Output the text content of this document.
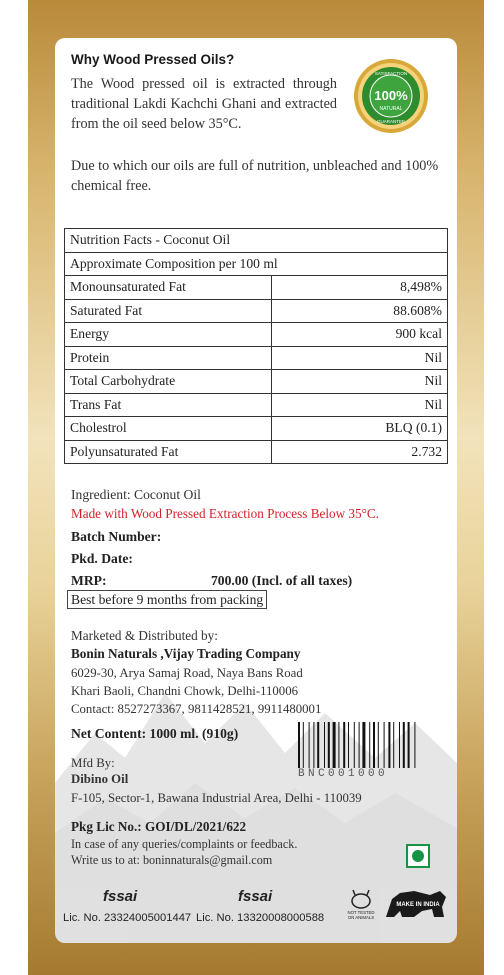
Why Wood Pressed Oils?
The Wood pressed oil is extracted through traditional Lakdi Kachchi Ghani and extracted from the oil seed below 35°C.
Due to which our oils are full of nutrition, unbleached and 100% chemical free.
100%
NATURAL
SATISFACTION
GUARANTEE
Nutrition Facts - Coconut Oil	
Approximate Composition per 100 ml	
Monounsaturated Fat	8,498%
Saturated Fat	88.608%
Energy	900 kcal
Protein	Nil
Total Carbohydrate	Nil
Trans Fat	Nil
Cholestrol	BLQ (0.1)
Polyunsaturated Fat	2.732
Ingredient: Coconut Oil
Made with Wood Pressed Extraction Process Below 35°C.
Batch Number:
Pkd. Date:
MRP:	700.00 (Incl. of all taxes)
Best before 9 months from packing
Marketed & Distributed by:
Bonin Naturals ,Vijay Trading Company
6029-30, Arya Samaj Road, Naya Bans Road
Khari Baoli, Chandni Chowk, Delhi-110006
Contact: 8527273367, 9811428521, 9911480001
Net Content: 1000 ml. (910g)
BNC001000
Mfd By:
Dibino Oil
F-105, Sector-1, Bawana Industrial Area, Delhi - 110039
Pkg Lic No.: GOI/DL/2021/622
In case of any queries/complaints or feedback.
Write us to at: boninnaturals@gmail.com
fssai	fssai
Lic. No. 23324005001447 Lic. No. 13320008000588	NOT TESTED
ON ANIMALS
MAKE IN INDIA
